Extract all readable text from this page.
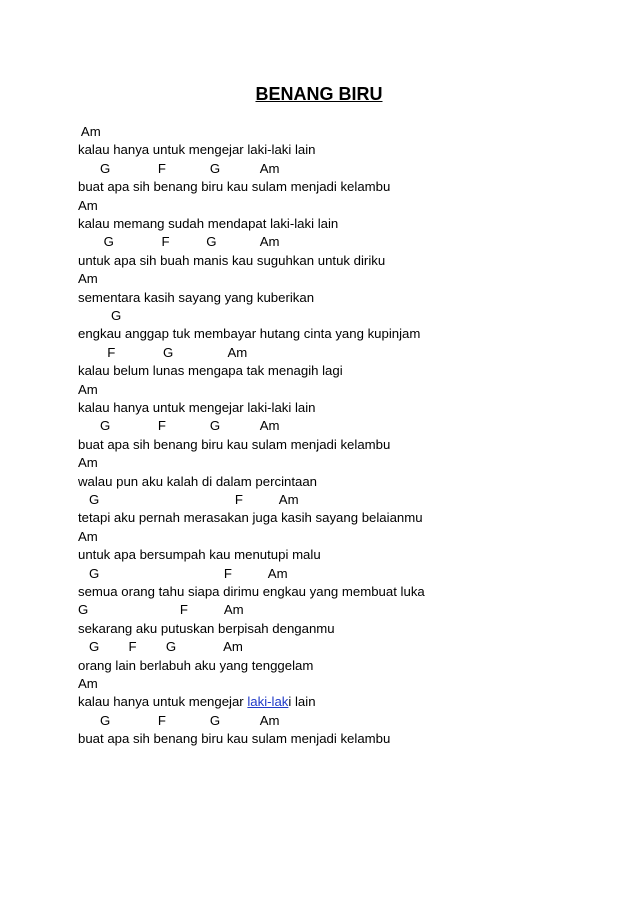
BENANG BIRU
Am
kalau hanya untuk mengejar laki-laki lain
G             F            G           Am
buat apa sih benang biru kau sulam menjadi kelambu
Am
kalau memang sudah mendapat laki-laki lain
G             F          G            Am
untuk apa sih buah manis kau suguhkan untuk diriku
Am
sementara kasih sayang yang kuberikan
G
engkau anggap tuk membayar hutang cinta yang kupinjam
F             G               Am
kalau belum lunas mengapa tak menagih lagi
Am
kalau hanya untuk mengejar laki-laki lain
G             F            G           Am
buat apa sih benang biru kau sulam menjadi kelambu
Am
walau pun aku kalah di dalam percintaan
G                                     F          Am
tetapi aku pernah merasakan juga kasih sayang belaianmu
Am
untuk apa bersumpah kau menutupi malu
G                                  F          Am
semua orang tahu siapa dirimu engkau yang membuat luka
G                         F          Am
sekarang aku putuskan berpisah denganmu
G        F        G             Am
orang lain berlabuh aku yang tenggelam
Am
kalau hanya untuk mengejar laki-laki lain
G             F            G           Am
buat apa sih benang biru kau sulam menjadi kelambu
